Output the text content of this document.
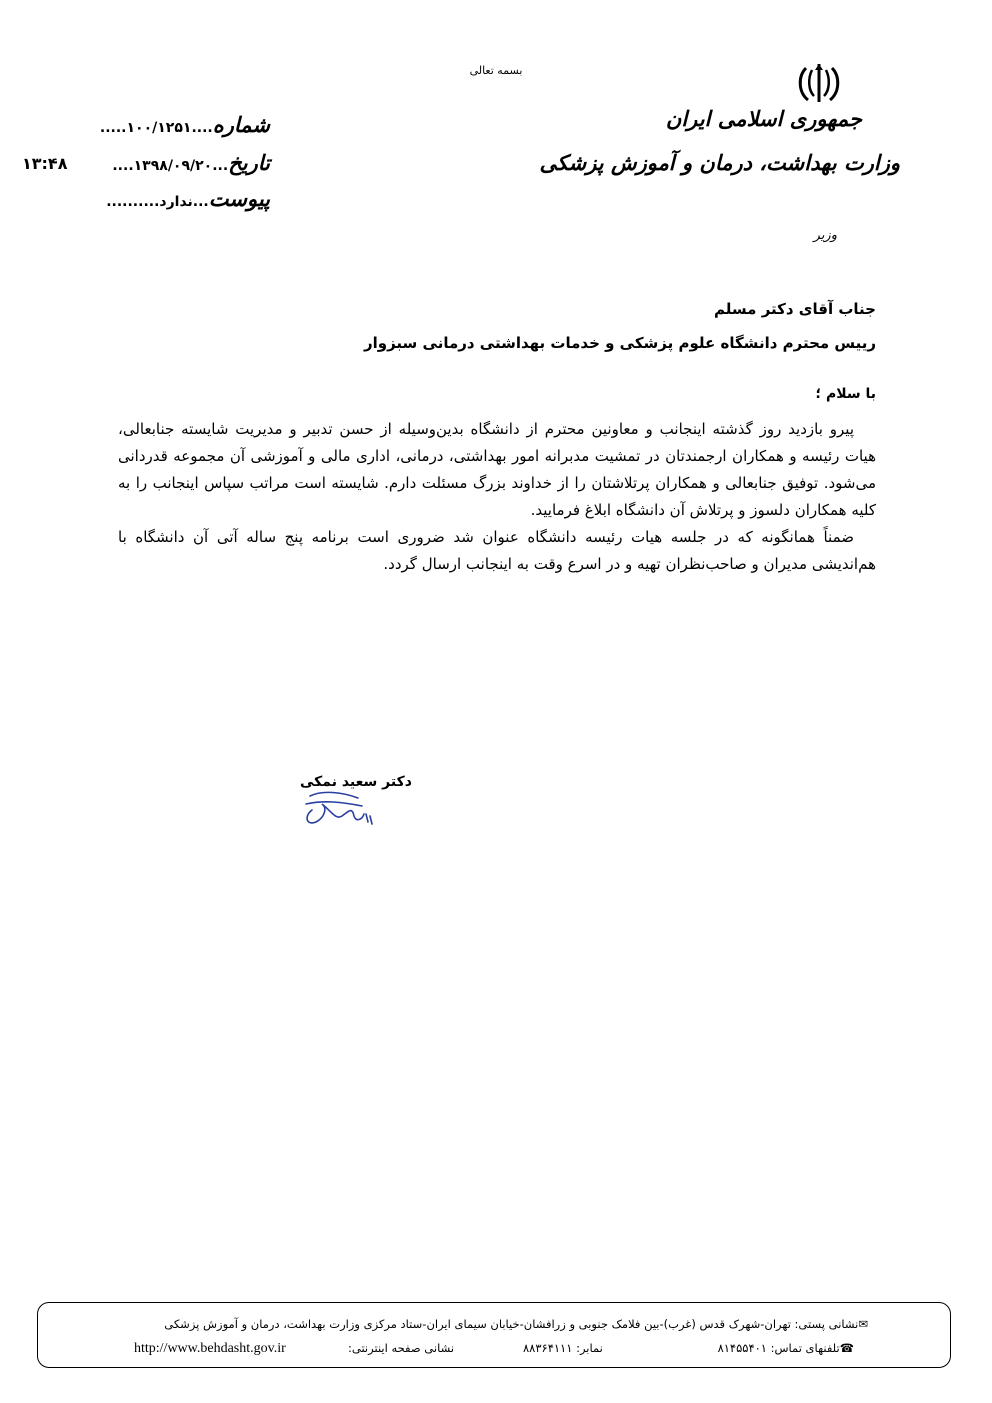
بسمه تعالی
جمهوری اسلامی ایران
وزارت بهداشت، درمان و آموزش پزشکی
وزیر
شماره....۱۰۰/۱۲۵۱.....
تاریخ...۱۳۹۸/۰۹/۲۰....
پیوست...ندارد..........
۱۳:۴۸
جناب آقای دکتر مسلم
رییس محترم دانشگاه علوم پزشکی و خدمات بهداشتی درمانی سبزوار
با سلام ؛

پیرو بازدید روز گذشته اینجانب و معاونین محترم از دانشگاه بدین‌وسیله از حسن تدبیر و مدیریت شایسته جنابعالی، هیات رئیسه و همکاران ارجمندتان در تمشیت مدبرانه امور بهداشتی، درمانی، اداری مالی و آموزشی آن مجموعه قدردانی می‌شود. توفیق جنابعالی و همکاران پرتلاشتان را از خداوند بزرگ مسئلت دارم. شایسته است مراتب سپاس اینجانب را به کلیه همکاران دلسوز و پرتلاش آن دانشگاه ابلاغ فرمایید.

ضمناً همانگونه که در جلسه هیات رئیسه دانشگاه عنوان شد ضروری است برنامه پنج ساله آتی آن دانشگاه با هم‌اندیشی مدیران و صاحب‌نظران تهیه و در اسرع وقت به اینجانب ارسال گردد.

دکتر سعید نمکی
✉نشانی پستی: تهران-شهرک قدس (غرب)-بین فلامک جنوبی و زرافشان-خیابان سیمای ایران-ستاد مرکزی وزارت بهداشت، درمان و آموزش پزشکی
☎تلفنهای تماس: ۸۱۴۵۵۴۰۱
نمابر: ۸۸۳۶۴۱۱۱
نشانی صفحه اینترنتی:
http://www.behdasht.gov.ir
